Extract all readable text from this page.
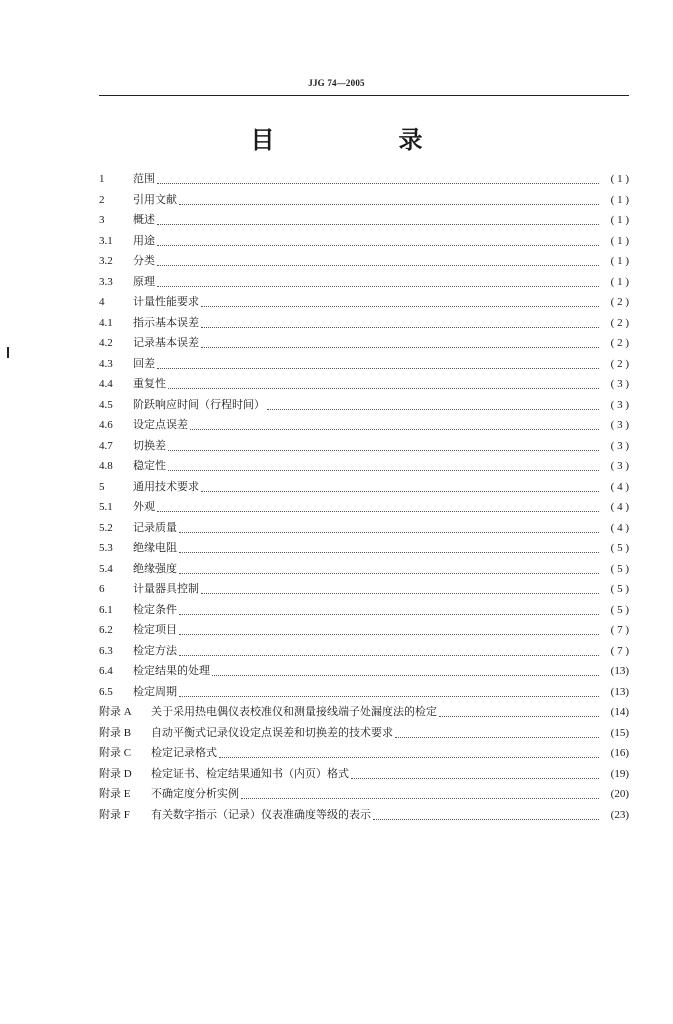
JJG 74—2005
目　录
1	范围	( 1 )
2	引用文献	( 1 )
3	概述	( 1 )
3.1	用途	( 1 )
3.2	分类	( 1 )
3.3	原理	( 1 )
4	计量性能要求	( 2 )
4.1	指示基本误差	( 2 )
4.2	记录基本误差	( 2 )
4.3	回差	( 2 )
4.4	重复性	( 3 )
4.5	阶跃响应时间（行程时间）	( 3 )
4.6	设定点误差	( 3 )
4.7	切换差	( 3 )
4.8	稳定性	( 3 )
5	通用技术要求	( 4 )
5.1	外观	( 4 )
5.2	记录质量	( 4 )
5.3	绝缘电阻	( 5 )
5.4	绝缘强度	( 5 )
6	计量器具控制	( 5 )
6.1	检定条件	( 5 )
6.2	检定项目	( 7 )
6.3	检定方法	( 7 )
6.4	检定结果的处理	(13)
6.5	检定周期	(13)
附录 A	关于采用热电偶仪表校准仪和测量接线端子处漏度法的检定	(14)
附录 B	自动平衡式记录仪设定点误差和切换差的技术要求	(15)
附录 C	检定记录格式	(16)
附录 D	检定证书、检定结果通知书（内页）格式	(19)
附录 E	不确定度分析实例	(20)
附录 F	有关数字指示（记录）仪表准确度等级的表示	(23)
